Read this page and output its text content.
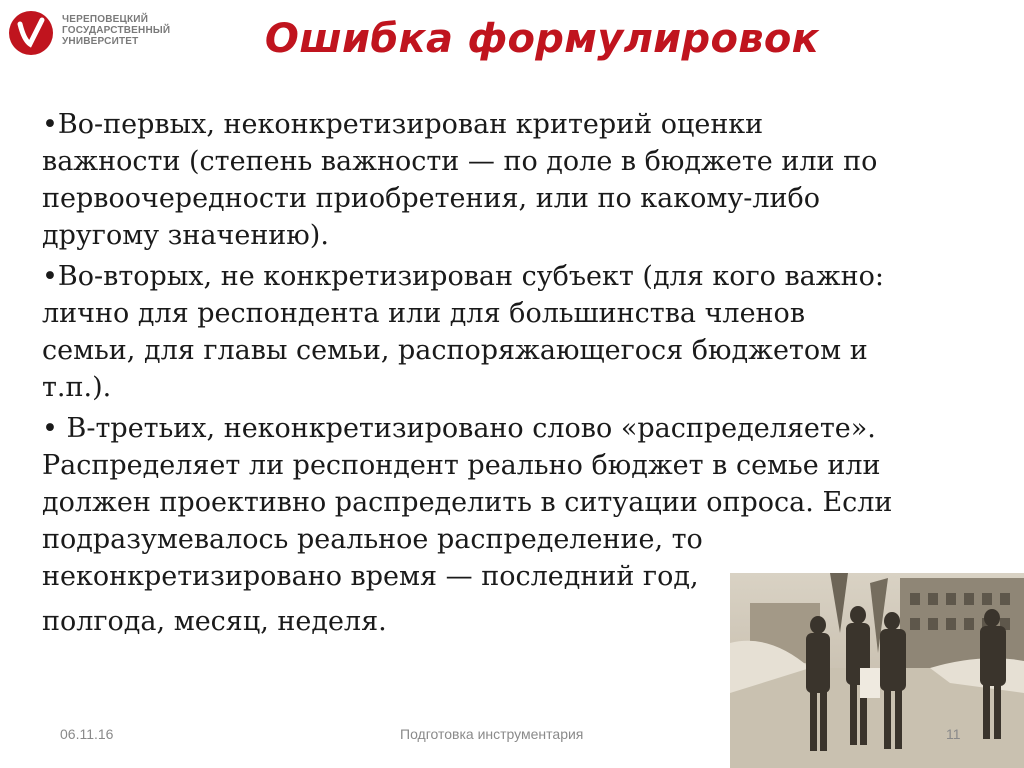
ЧЕРЕПОВЕЦКИЙ
ГОСУДАРСТВЕННЫЙ
УНИВЕРСИТЕТ	Ошибка формулировок

•Во-первых, неконкретизирован критерий оценки
важности (степень важности — по доле в бюджете или по
первоочередности приобретения, или по какому-либо
другому значению).

•Во-вторых, не конкретизирован субъект (для кого важно:
лично для респондента или для большинства членов
семьи, для главы семьи, распоряжающегося бюджетом и
т.п.).

• В-третьих, неконкретизировано слово «распределяете».
Распределяет ли респондент реально бюджет в семье или
должен проективно распределить в ситуации опроса. Если
подразумевалось реальное распределение, то
неконкретизировано время — последний год,
полгода, месяц, неделя.

06.11.16	Подготовка инструментария	11
